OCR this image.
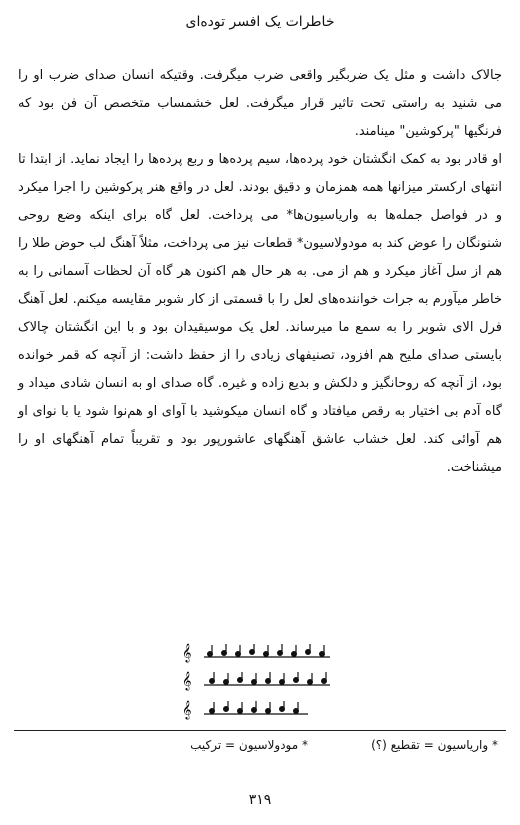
خاطرات یک افسر توده‌ای

جالاک داشت و مثل یک ضربگیر واقعی ضرب میگرفت. وقتیکه انسان صدای ضرب او را می شنید به راستی تحت تاثیر قرار میگرفت. لعل خشمساب متخصص آن فن بود که فرنگیها "پرکوشین" مینامند.

او قادر بود به کمک انگشتان خود پرده‌ها، سیم پرده‌ها و ربع پرده‌ها را ایجاد نماید. از ابتدا تا انتهای ارکستر میزانها همه همزمان و دقیق بودند. لعل در واقع هنر پرکوشین را اجرا میکرد و در فواصل جمله‌ها به واریاسیون‌ها* می پرداخت. لعل گاه برای اینکه وضع روحی شنونگان را عوض کند به مودولاسیون* قطعات نیز می پرداخت، مثلاً آهنگ لب حوض طلا را هم از سل آغاز میکرد و هم از می. به هر حال هم اکنون هر گاه آن لحظات آسمانی را به خاطر میآورم به جرات خواننده‌های لعل را با قسمتی از کار شوبر مقایسه میکنم. لعل آهنگ فرل الای شوبر را به سمع ما میرساند. لعل یک موسیقیدان بود و با این انگشتان چالاک بایستی صدای ملیح هم افزود، تصنیفهای زیادی را از حفظ داشت: از آنچه که قمر خوانده بود، از آنچه که روحانگیز و دلکش و بدیع زاده و غیره. گاه صدای او به انسان شادی میداد و گاه آدم بی اختیار به رقص میافتاد و گاه انسان میکوشید با آوای او هم‌نوا شود یا با نوای او هم آوائی کند. لعل خشاب عاشق آهنگهای عاشورپور بود و تقریباً تمام آهنگهای او را میشناخت.

𝄞
𝄞
𝄞
* واریاسیون = تقطیع (؟)
* مودولاسیون = ترکیب
۳۱۹
